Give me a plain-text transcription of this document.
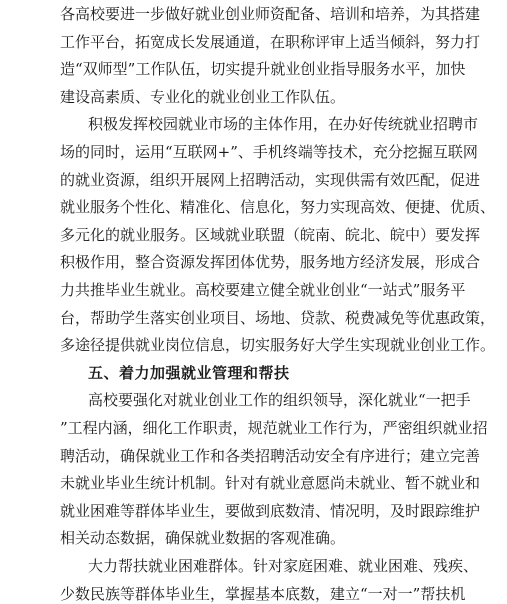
各高校要进一步做好就业创业师资配备、培训和培养，为其搭建
工作平台，拓宽成长发展通道，在职称评审上适当倾斜，努力打
造“双师型”工作队伍，切实提升就业创业指导服务水平，加快
建设高素质、专业化的就业创业工作队伍。
积极发挥校园就业市场的主体作用，在办好传统就业招聘市
场的同时，运用“互联网+”、手机终端等技术，充分挖掘互联网
的就业资源，组织开展网上招聘活动，实现供需有效匹配，促进
就业服务个性化、精准化、信息化，努力实现高效、便捷、优质、
多元化的就业服务。区域就业联盟（皖南、皖北、皖中）要发挥
积极作用，整合资源发挥团体优势，服务地方经济发展，形成合
力共推毕业生就业。高校要建立健全就业创业“一站式”服务平
台，帮助学生落实创业项目、场地、贷款、税费减免等优惠政策，
多途径提供就业岗位信息，切实服务好大学生实现就业创业工作。
五、着力加强就业管理和帮扶
高校要强化对就业创业工作的组织领导，深化就业“一把手
”工程内涵，细化工作职责，规范就业工作行为，严密组织就业招
聘活动，确保就业工作和各类招聘活动安全有序进行；建立完善
未就业毕业生统计机制。针对有就业意愿尚未就业、暂不就业和
就业困难等群体毕业生，要做到底数清、情况明，及时跟踪维护
相关动态数据，确保就业数据的客观准确。
大力帮扶就业困难群体。针对家庭困难、就业困难、残疾、
少数民族等群体毕业生，掌握基本底数，建立“一对一”帮扶机
